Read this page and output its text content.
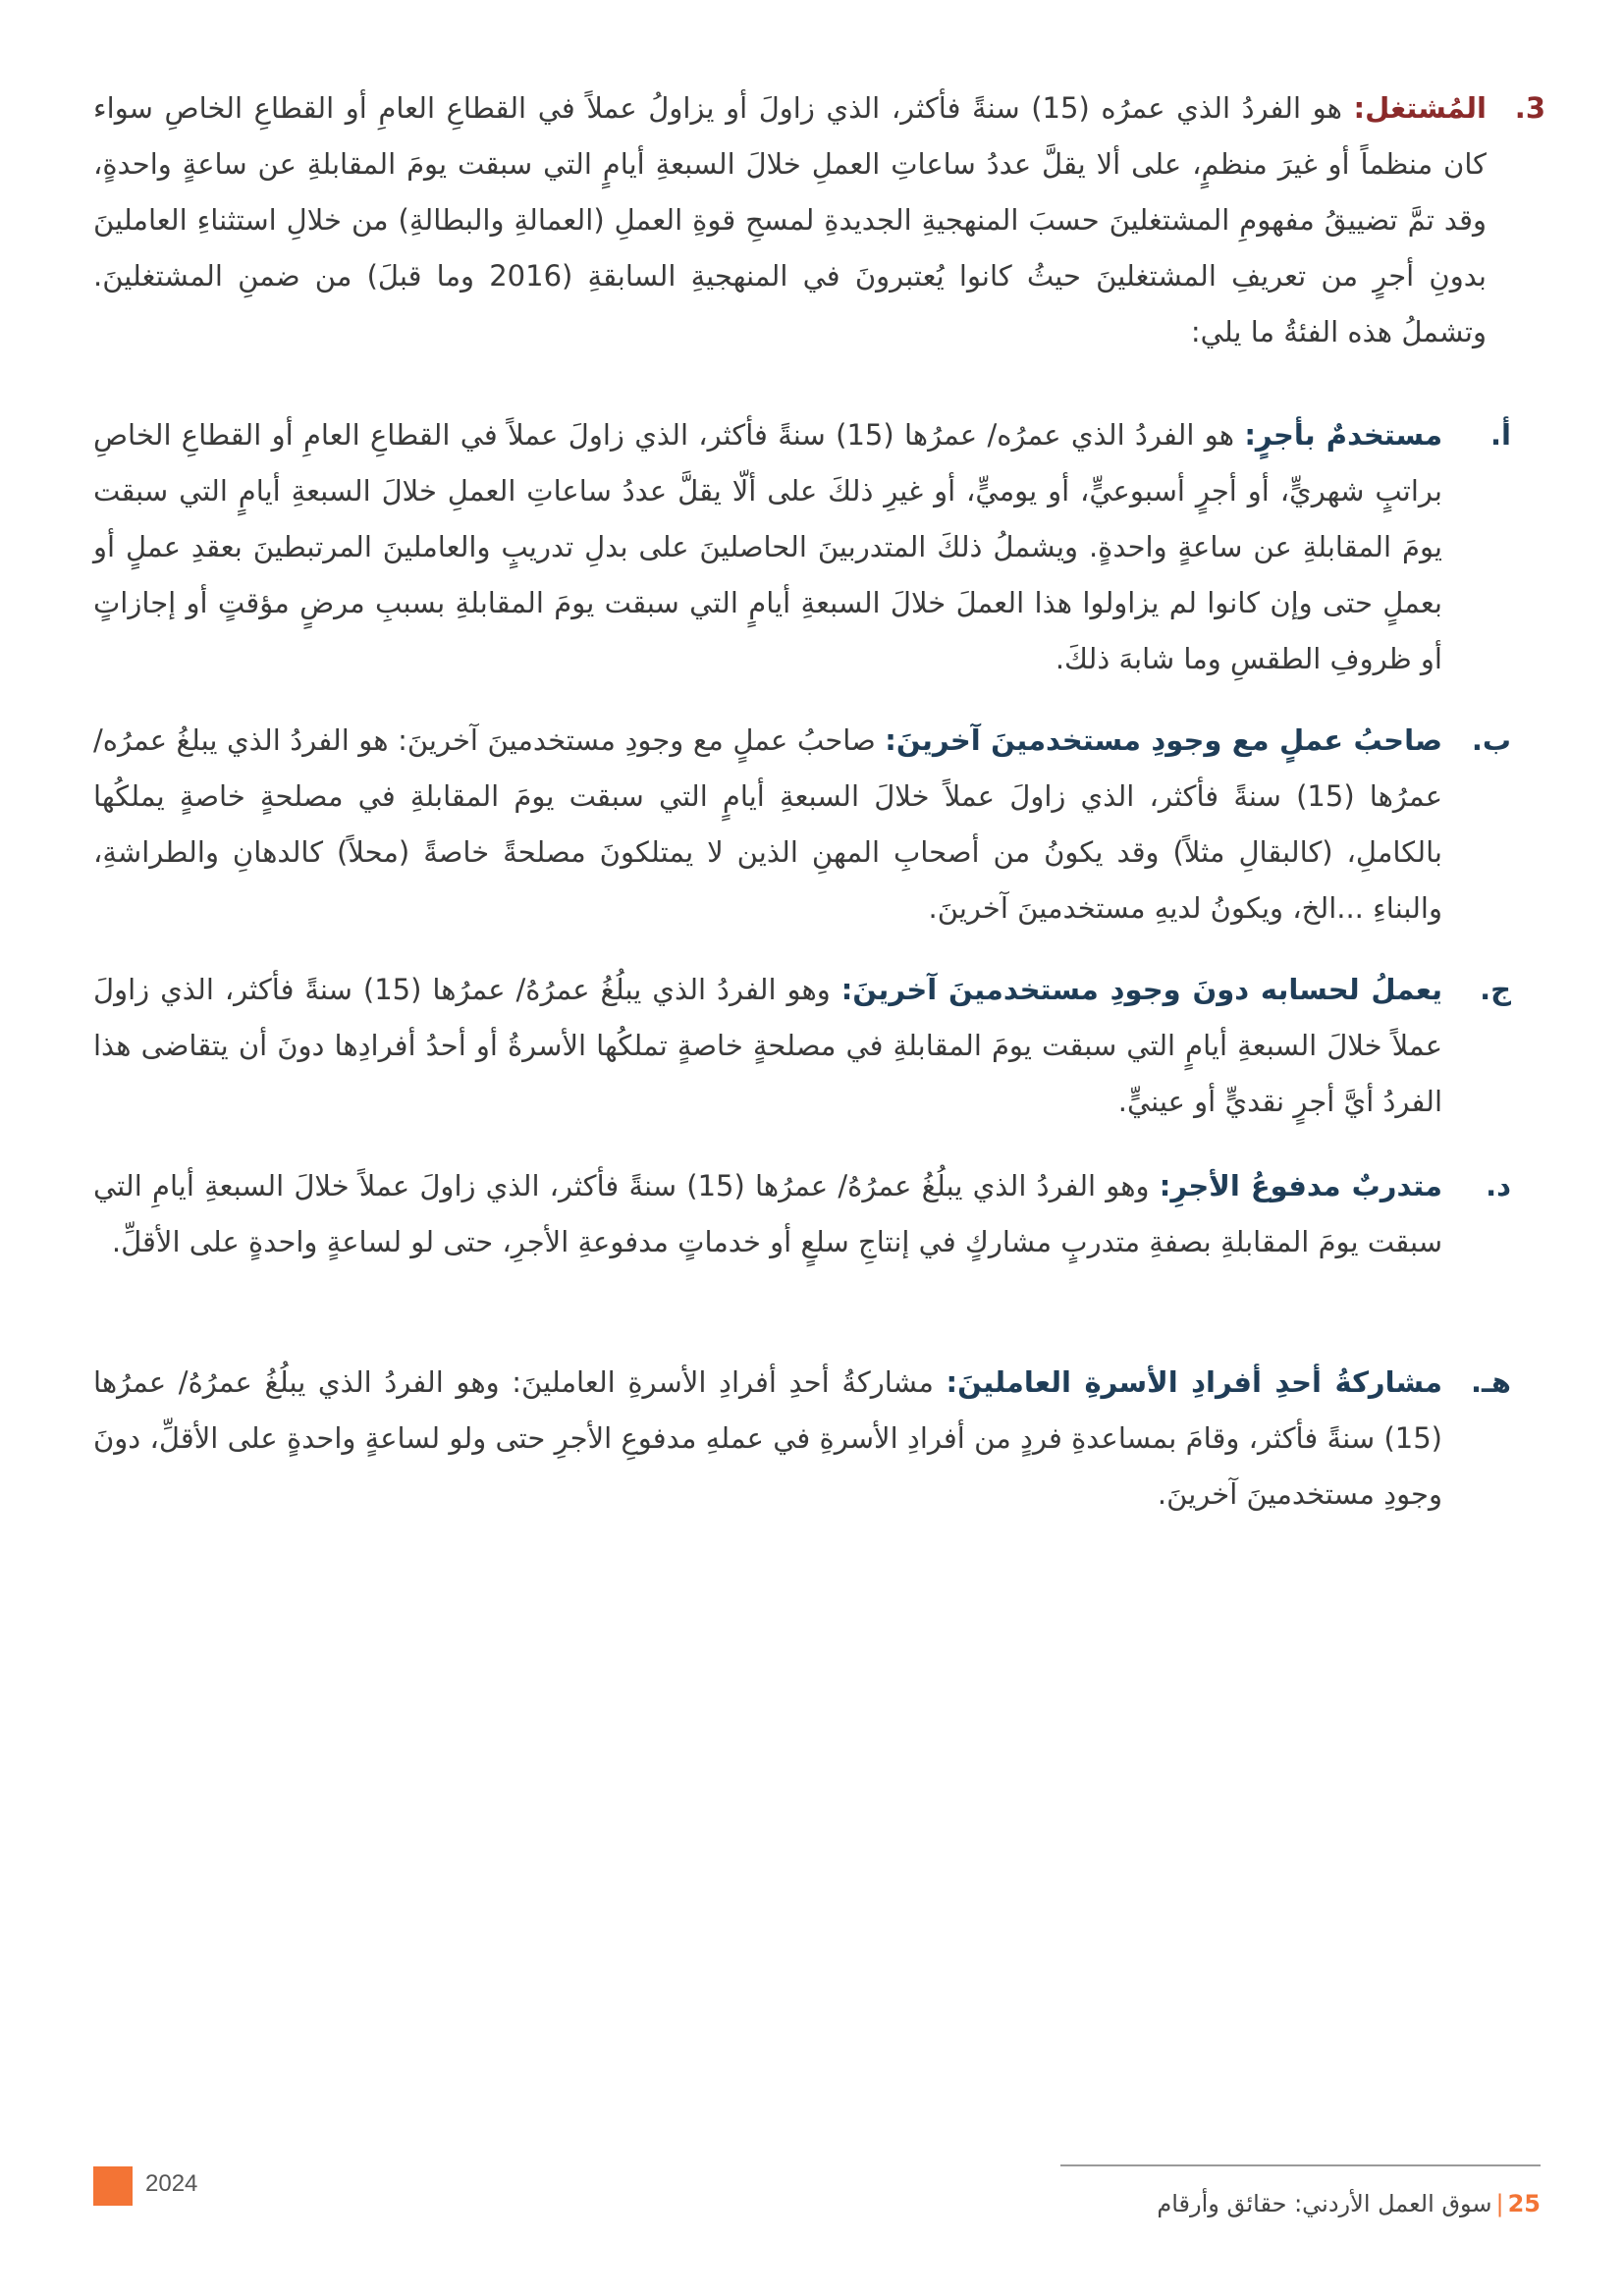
3.
المُشتغل: هو الفردُ الذي عمرُه (15) سنةً فأكثر، الذي زاولَ أو يزاولُ عملاً في القطاعِ العامِ أو القطاعِ الخاصِ سواء كان منظماً أو غيرَ منظمٍ، على ألا يقلَّ عددُ ساعاتِ العملِ خلالَ السبعةِ أيامٍ التي سبقت يومَ المقابلةِ عن ساعةٍ واحدةٍ، وقد تمَّ تضييقُ مفهومِ المشتغلينَ حسبَ المنهجيةِ الجديدةِ لمسحِ قوةِ العملِ (العمالةِ والبطالةِ) من خلالِ استثناءِ العاملينَ بدونِ أجرٍ من تعريفِ المشتغلينَ حيثُ كانوا يُعتبرونَ في المنهجيةِ السابقةِ (2016 وما قبلَ) من ضمنِ المشتغلينَ. وتشملُ هذه الفئةُ ما يلي:
أ.
مستخدمٌ بأجرٍ: هو الفردُ الذي عمرُه/ عمرُها (15) سنةً فأكثر، الذي زاولَ عملاً في القطاعِ العامِ أو القطاعِ الخاصِ براتبٍ شهريٍّ، أو أجرٍ أسبوعيٍّ، أو يوميٍّ، أو غيرِ ذلكَ على ألّا يقلَّ عددُ ساعاتِ العملِ خلالَ السبعةِ أيامٍ التي سبقت يومَ المقابلةِ عن ساعةٍ واحدةٍ. ويشملُ ذلكَ المتدربينَ الحاصلينَ على بدلِ تدريبٍ والعاملينَ المرتبطينَ بعقدِ عملٍ أو بعملٍ حتى وإن كانوا لم يزاولوا هذا العملَ خلالَ السبعةِ أيامٍ التي سبقت يومَ المقابلةِ بسببِ مرضٍ مؤقتٍ أو إجازاتٍ أو ظروفِ الطقسِ وما شابهَ ذلكَ.
ب.
صاحبُ عملٍ مع وجودِ مستخدمينَ آخرينَ: صاحبُ عملٍ مع وجودِ مستخدمينَ آخرينَ: هو الفردُ الذي يبلغُ عمرُه/ عمرُها (15) سنةً فأكثر، الذي زاولَ عملاً خلالَ السبعةِ أيامٍ التي سبقت يومَ المقابلةِ في مصلحةٍ خاصةٍ يملكُها بالكاملِ، (كالبقالِ مثلاً) وقد يكونُ من أصحابِ المهنِ الذين لا يمتلكونَ مصلحةً خاصةً (محلاً) كالدهانِ والطراشةِ، والبناءِ ...الخ، ويكونُ لديهِ مستخدمينَ آخرينَ.
ج.
يعملُ لحسابه دونَ وجودِ مستخدمينَ آخرينَ: وهو الفردُ الذي يبلُغُ عمرُهُ/ عمرُها (15) سنةً فأكثر، الذي زاولَ عملاً خلالَ السبعةِ أيامٍ التي سبقت يومَ المقابلةِ في مصلحةٍ خاصةٍ تملكُها الأسرةُ أو أحدُ أفرادِها دونَ أن يتقاضى هذا الفردُ أيَّ أجرٍ نقديٍّ أو عينيٍّ.
د.
متدربٌ مدفوعُ الأجرِ: وهو الفردُ الذي يبلُغُ عمرُهُ/ عمرُها (15) سنةً فأكثر، الذي زاولَ عملاً خلالَ السبعةِ أيامِ التي سبقت يومَ المقابلةِ بصفةِ متدربٍ مشاركٍ في إنتاجِ سلعٍ أو خدماتٍ مدفوعةِ الأجرِ، حتى لو لساعةٍ واحدةٍ على الأقلِّ.
هـ.
مشاركةُ أحدِ أفرادِ الأسرةِ العاملينَ: مشاركةُ أحدِ أفرادِ الأسرةِ العاملينَ: وهو الفردُ الذي يبلُغُ عمرُهُ/ عمرُها (15) سنةً فأكثر، وقامَ بمساعدةِ فردٍ من أفرادِ الأسرةِ في عملهِ مدفوعِ الأجرِ حتى ولو لساعةٍ واحدةٍ على الأقلِّ، دونَ وجودِ مستخدمينَ آخرينَ.
2024
25|سوق العمل الأردني: حقائق وأرقام
